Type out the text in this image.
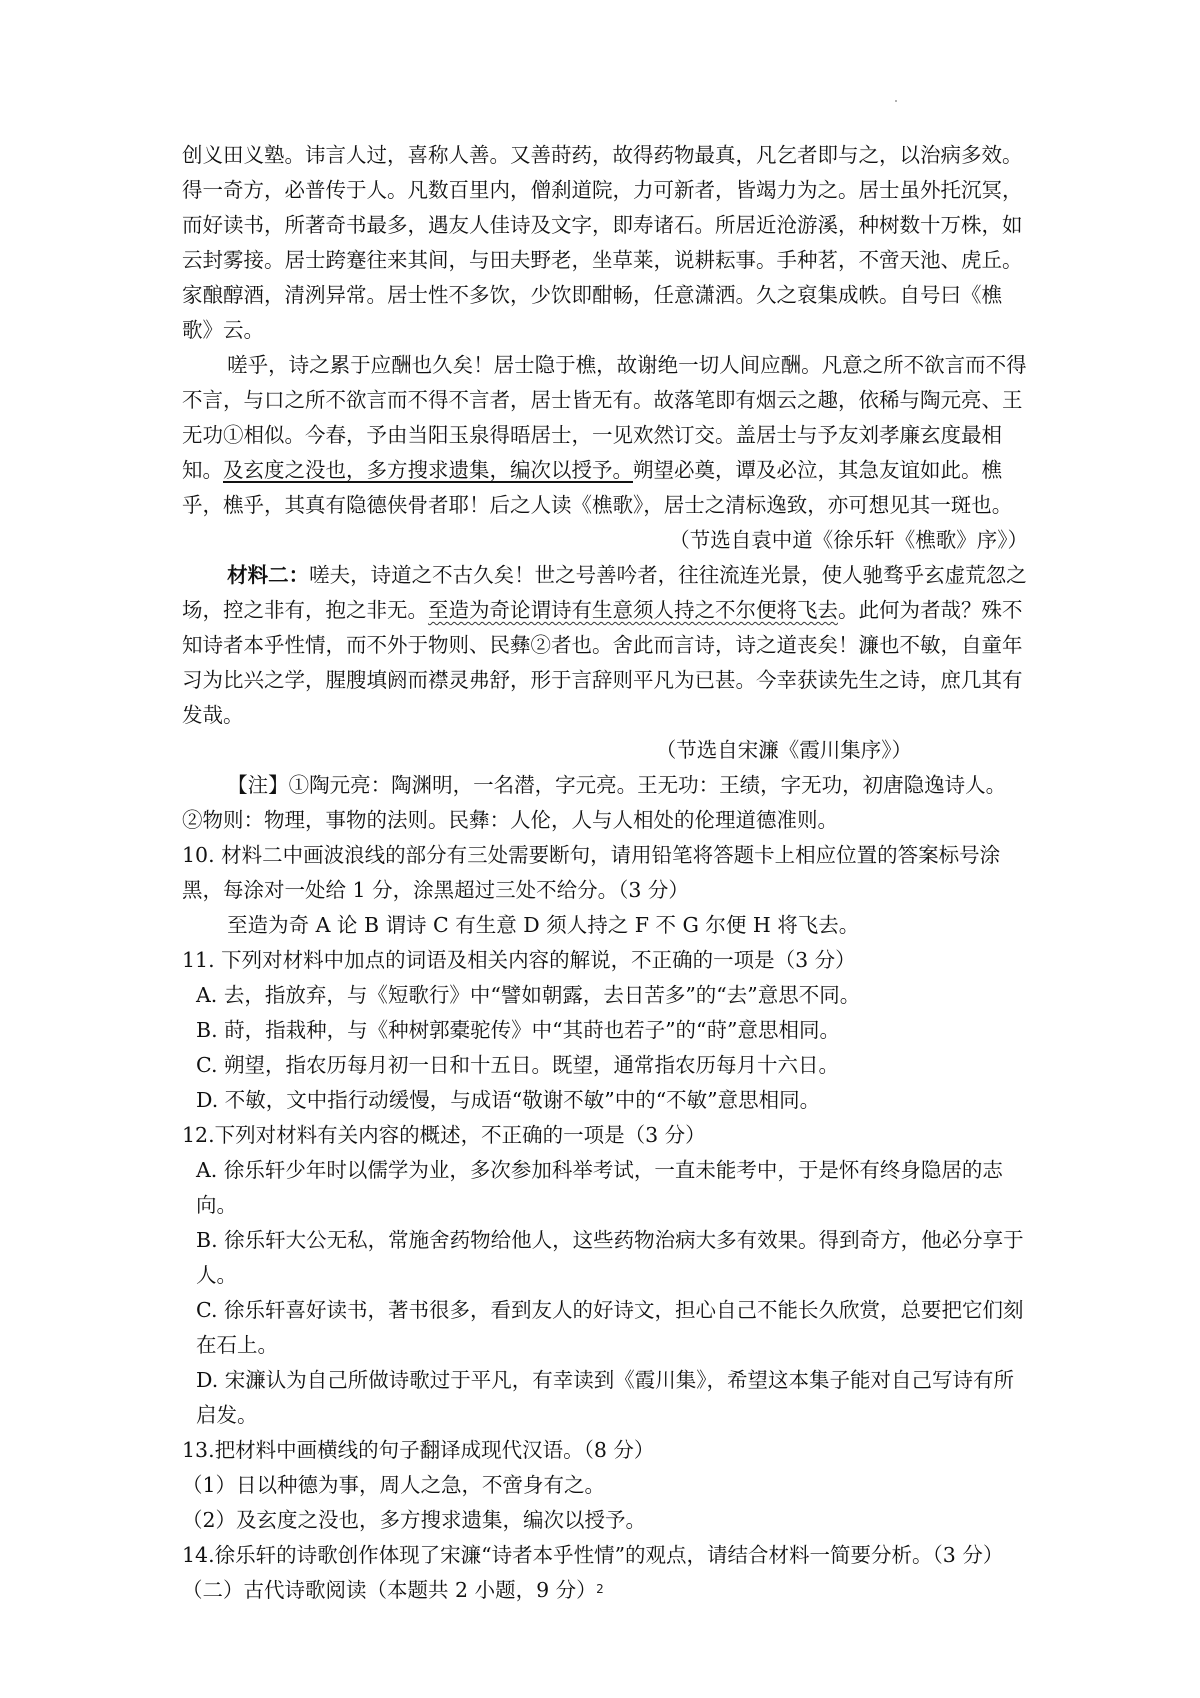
创义田义塾。讳言人过，喜称人善。又善莳药，故得药物最真，凡乞者即与之，以治病多效。得一奇方，必普传于人。凡数百里内，僧刹道院，力可新者，皆竭力为之。居士虽外托沉冥，而好读书，所著奇书最多，遇友人佳诗及文字，即寿诸石。所居近沧游溪，种树数十万株，如云封雾接。居士跨蹇往来其间，与田夫野老，坐草莱，说耕耘事。手种茗，不啻天池、虎丘。家酿醇酒，清洌异常。居士性不多饮，少饮即酣畅，任意潇洒。久之裒集成帙。自号曰《樵歌》云。

嗟乎，诗之累于应酬也久矣！居士隐于樵，故谢绝一切人间应酬。凡意之所不欲言而不得不言，与口之所不欲言而不得不言者，居士皆无有。故落笔即有烟云之趣，依稀与陶元亮、王无功①相似。今春，予由当阳玉泉得晤居士，一见欢然订交。盖居士与予友刘孝廉玄度最相知。及玄度之没也，多方搜求遗集，编次以授予。朔望必奠，谭及必泣，其急友谊如此。樵乎，樵乎，其真有隐德侠骨者耶！后之人读《樵歌》，居士之清标逸致，亦可想见其一斑也。

（节选自袁中道《徐乐轩《樵歌》序》）

材料二：嗟夫，诗道之不古久矣！世之号善吟者，往往流连光景，使人驰骛乎玄虚荒忽之场，控之非有，抱之非无。至造为奇论谓诗有生意须人持之不尔便将飞去。此何为者哉？殊不知诗者本乎性情，而不外于物则、民彝②者也。舍此而言诗，诗之道丧矣！濂也不敏，自童年习为比兴之学，腥膄填阏而襟灵弗舒，形于言辞则平凡为已甚。今幸获读先生之诗，庶几其有发哉。

（节选自宋濂《霞川集序》）

【注】①陶元亮：陶渊明，一名潜，字元亮。王无功：王绩，字无功，初唐隐逸诗人。

②物则：物理，事物的法则。民彝：人伦，人与人相处的伦理道德准则。

10. 材料二中画波浪线的部分有三处需要断句，请用铅笔将答题卡上相应位置的答案标号涂黑，每涂对一处给 1 分，涂黑超过三处不给分。（3 分）

至造为奇 A 论 B 谓诗 C 有生意 D 须人持之 F 不 G 尔便 H 将飞去。

11. 下列对材料中加点的词语及相关内容的解说，不正确的一项是（3 分）

A. 去，指放弃，与《短歌行》中“譬如朝露，去日苦多”的“去”意思不同。

B. 莳，指栽种，与《种树郭橐驼传》中“其莳也若子”的“莳”意思相同。

C. 朔望，指农历每月初一日和十五日。既望，通常指农历每月十六日。

D. 不敏，文中指行动缓慢，与成语“敬谢不敏”中的“不敏”意思相同。

12.下列对材料有关内容的概述，不正确的一项是（3 分）

A. 徐乐轩少年时以儒学为业，多次参加科举考试，一直未能考中，于是怀有终身隐居的志向。

B. 徐乐轩大公无私，常施舍药物给他人，这些药物治病大多有效果。得到奇方，他必分享于人。

C. 徐乐轩喜好读书，著书很多，看到友人的好诗文，担心自己不能长久欣赏，总要把它们刻在石上。

D. 宋濂认为自己所做诗歌过于平凡，有幸读到《霞川集》，希望这本集子能对自己写诗有所启发。

13.把材料中画横线的句子翻译成现代汉语。（8 分）

（1）日以种德为事，周人之急，不啻身有之。

（2）及玄度之没也，多方搜求遗集，编次以授予。

14.徐乐轩的诗歌创作体现了宋濂“诗者本乎性情”的观点，请结合材料一简要分析。（3 分）

（二）古代诗歌阅读（本题共 2 小题，9 分） 2
